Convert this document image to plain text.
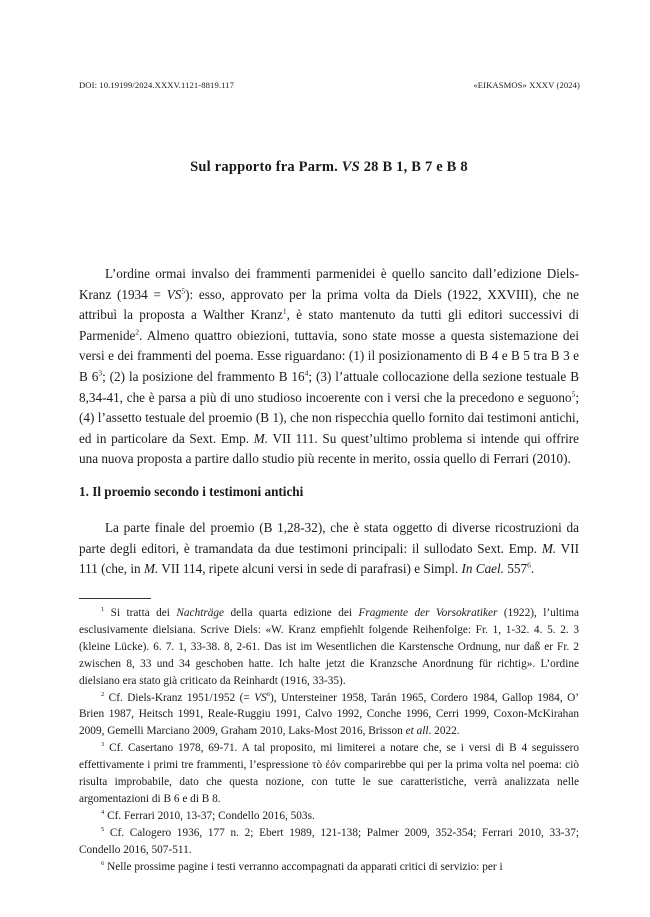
DOI: 10.19199/2024.XXXV.1121-8819.117	«EIKASMOS» XXXV (2024)
Sul rapporto fra Parm. VS 28 B 1, B 7 e B 8

L’ordine ormai invalso dei frammenti parmenidei è quello sancito dall’edizione Diels-Kranz $(1934 = VS^5)$: esso, approvato per la prima volta da Diels (1922, XXVIII), che ne attribuì la proposta a Walther Kranz$^1$, è stato mantenuto da tutti gli editori successivi di Parmenide$^2$. Almeno quattro obiezioni, tuttavia, sono state mosse a questa sistemazione dei versi e dei frammenti del poema. Esse riguardano: (1) il posizionamento di B 4 e B 5 tra B 3 e B $6^3$; (2) la posizione del frammento B $16^4$; (3) l’attuale collocazione della sezione testuale B 8,34-41, che è parsa a più di uno studioso incoerente con i versi che la precedono e seguono$^5$; (4) l’assetto testuale del proemio (B 1), che non rispecchia quello fornito dai testimoni antichi, ed in particolare da Sext. Emp. M. VII 111. Su quest’ultimo problema si intende qui offrire una nuova proposta a partire dallo studio più recente in merito, ossia quello di Ferrari (2010).

1. Il proemio secondo i testimoni antichi

La parte finale del proemio (B 1,28-32), che è stata oggetto di diverse ricostruzioni da parte degli editori, è tramandata da due testimoni principali: il sullodato Sext. Emp. M. VII 111 (che, in M. VII 114, ripete alcuni versi in sede di parafrasi) e Simpl. In Cael. $557^6$.

$^1$ Si tratta dei Nachträge della quarta edizione dei Fragmente der Vorsokratiker (1922), l’ultima esclusivamente dielsiana. Scrive Diels: «W. Kranz empfiehlt folgende Reihenfolge: Fr. 1, 1-32. 4. 5. 2. 3 (kleine Lücke). 6. 7. 1, 33-38. 8, 2-61. Das ist im Wesentlichen die Karstensche Ordnung, nur daß er Fr. 2 zwischen 8, 33 und 34 geschoben hatte. Ich halte jetzt die Kranzsche Anordnung für richtig». L’ordine dielsiano era stato già criticato da Reinhardt (1916, 33-35).

$^2$ Cf. Diels-Kranz 1951/1952 (= $VS^6$), Untersteiner 1958, Tarán 1965, Cordero 1984, Gallop 1984, O’ Brien 1987, Heitsch 1991, Reale-Ruggiu 1991, Calvo 1992, Conche 1996, Cerri 1999, Coxon-McKirahan 2009, Gemelli Marciano 2009, Graham 2010, Laks-Most 2016, Brisson et all. 2022.

$^3$ Cf. Casertano 1978, 69-71. A tal proposito, mi limiterei a notare che, se i versi di B 4 seguissero effettivamente i primi tre frammenti, l’espressione τὸ ἐόν comparirebbe qui per la prima volta nel poema: ciò risulta improbabile, dato che questa nozione, con tutte le sue caratteristiche, verrà analizzata nelle argomentazioni di B 6 e di B 8.

$^4$ Cf. Ferrari 2010, 13-37; Condello 2016, 503s.

$^5$ Cf. Calogero 1936, 177 n. 2; Ebert 1989, 121-138; Palmer 2009, 352-354; Ferrari 2010, 33-37; Condello 2016, 507-511.

$^6$ Nelle prossime pagine i testi verranno accompagnati da apparati critici di servizio: per i
